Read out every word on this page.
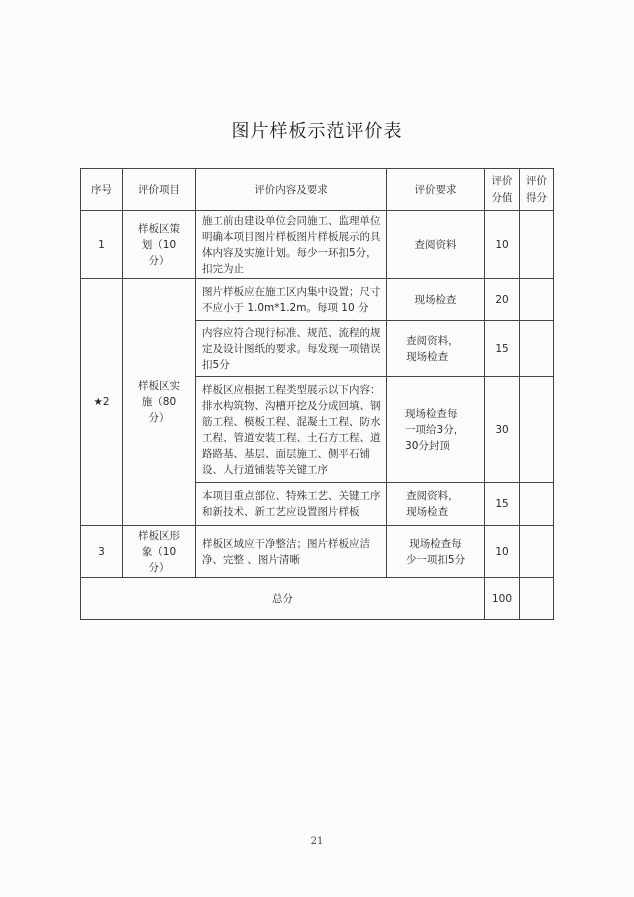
图片样板示范评价表
序号	评价项目	评价内容及要求	评价要求	评价分值	评价得分

1	样板区策划（10分）	施工前由建设单位会同施工、监理单位明确本项目图片样板图片样板展示的具体内容及实施计划。每少一环扣5分，扣完为止	查阅资料	10	
★2	样板区实施（80分）	图片样板应在施工区内集中设置；尺寸不应小于 1.0m*1.2m。每项 10 分	现场检查	20	
		内容应符合现行标准、规范、流程的规定及设计图纸的要求。每发现一项错误扣5分	查阅资料，现场检查	15	
		样板区应根据工程类型展示以下内容：排水构筑物、沟槽开挖及分成回填、钢筋工程、模板工程、混凝土工程、防水工程、管道安装工程、土石方工程、道路路基、基层、面层施工、侧平石铺设、人行道铺装等关键工序	现场检查每一项给3分，30分封顶	30	
		本项目重点部位、特殊工艺、关键工序和新技术、新工艺应设置图片样板	查阅资料，现场检查	15	
3	样板区形象（10分）	样板区域应干净整洁；图片样板应洁净、完整 、图片清晰	现场检查每少一项扣5分	10	
总分				100	
21
